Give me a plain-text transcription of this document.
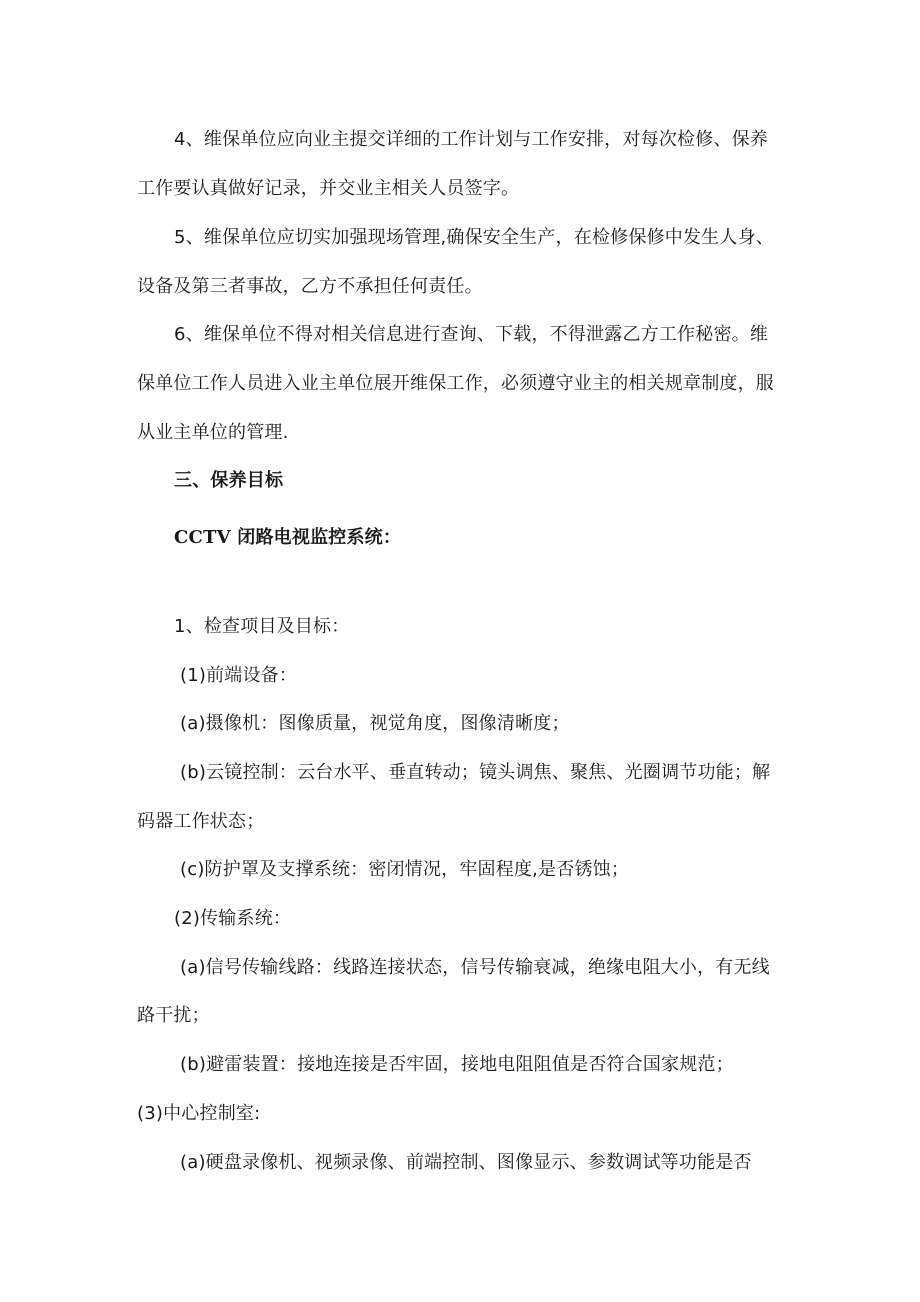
4、维保单位应向业主提交详细的工作计划与工作安排，对每次检修、保养
工作要认真做好记录，并交业主相关人员签字。
5、维保单位应切实加强现场管理,确保安全生产，在检修保修中发生人身、
设备及第三者事故，乙方不承担任何责任。
6、维保单位不得对相关信息进行查询、下载，不得泄露乙方工作秘密。维
保单位工作人员进入业主单位展开维保工作，必须遵守业主的相关规章制度，服
从业主单位的管理.
三、保养目标
CCTV 闭路电视监控系统：
1、检查项目及目标：
(1)前端设备：
(a)摄像机：图像质量，视觉角度，图像清晰度；
(b)云镜控制：云台水平、垂直转动；镜头调焦、聚焦、光圈调节功能；解
码器工作状态；
(c)防护罩及支撑系统：密闭情况，牢固程度,是否锈蚀；
(2)传输系统：
(a)信号传输线路：线路连接状态，信号传输衰减，绝缘电阻大小，有无线
路干扰；
(b)避雷装置：接地连接是否牢固，接地电阻阻值是否符合国家规范；
(3)中心控制室:
(a)硬盘录像机、视频录像、前端控制、图像显示、参数调试等功能是否
